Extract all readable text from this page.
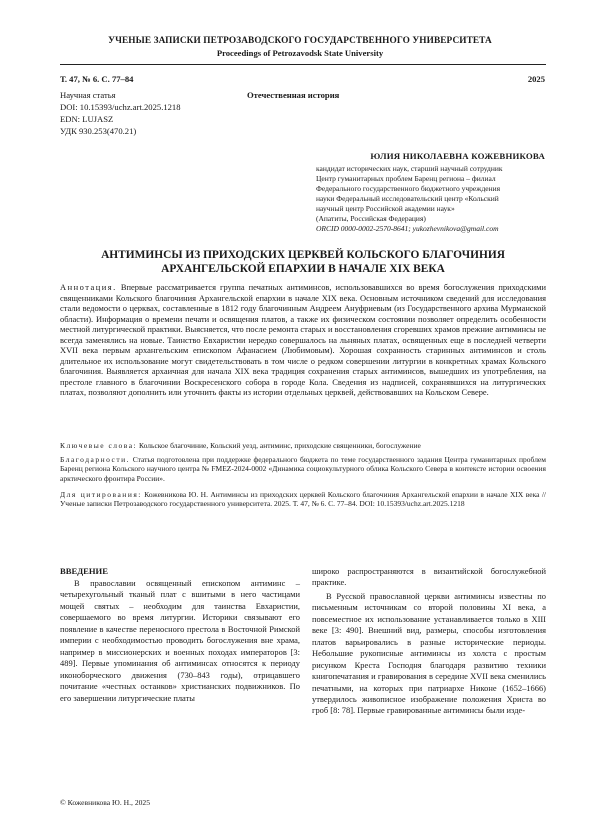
УЧЕНЫЕ ЗАПИСКИ ПЕТРОЗАВОДСКОГО ГОСУДАРСТВЕННОГО УНИВЕРСИТЕТА
Proceedings of Petrozavodsk State University
Т. 47, № 6. С. 77–84	2025
Научная статья	Отечественная история
DOI: 10.15393/uchz.art.2025.1218
EDN: LUJASZ
УДК 930.253(470.21)
ЮЛИЯ НИКОЛАЕВНА КОЖЕВНИКОВА
кандидат исторических наук, старший научный сотрудник
Центр гуманитарных проблем Баренц региона – филиал
Федерального государственного бюджетного учреждения
науки Федеральный исследовательский центр «Кольский
научный центр Российской академии наук»
(Апатиты, Российская Федерация)
ORCID 0000-0002-2570-8641; yukozhevnikova@gmail.com
АНТИМИНСЫ ИЗ ПРИХОДСКИХ ЦЕРКВЕЙ КОЛЬСКОГО БЛАГОЧИНИЯ
АРХАНГЕЛЬСКОЙ ЕПАРХИИ В НАЧАЛЕ XIX ВЕКА
Аннотация. Впервые рассматривается группа печатных антиминсов, использовавшихся во время богослужения приходскими священниками Кольского благочиния Архангельской епархии в начале XIX века. Основным источником сведений для исследования стали ведомости о церквах, составленные в 1812 году благочинным Андреем Ануфриевым (из Государственного архива Мурманской области). Информация о времени печати и освящения платов, а также их физическом состоянии позволяет определить особенности местной литургической практики. Выясняется, что после ремонта старых и восстановления сгоревших храмов прежние антиминсы не всегда заменялись на новые. Таинство Евхаристии нередко совершалось на льняных платах, освященных еще в последней четверти XVII века первым архангельским епископом Афанасием (Любимовым). Хорошая сохранность старинных антиминсов и столь длительное их использование могут свидетельствовать в том числе о редком совершении литургии в конкретных храмах Кольского благочиния. Выявляется архаичная для начала XIX века традиция сохранения старых антиминсов, вышедших из употребления, на престоле главного в благочинии Воскресенского собора в городе Кола. Сведения из надписей, сохранявшихся на литургических платах, позволяют дополнить или уточнить факты из истории отдельных церквей, действовавших на Кольском Севере.
Ключевые слова: Кольское благочиние, Кольский уезд, антиминс, приходские священники, богослужение
Благодарности. Статья подготовлена при поддержке федерального бюджета по теме государственного задания Центра гуманитарных проблем Баренц региона Кольского научного центра № FMEZ-2024-0002 «Динамика социокультурного облика Кольского Севера в контексте истории освоения арктического фронтира России».
Для цитирования: Кожевникова Ю. Н. Антиминсы из приходских церквей Кольского благочиния Архангельской епархии в начале XIX века // Ученые записки Петрозаводского государственного университета. 2025. Т. 47, № 6. С. 77–84. DOI: 10.15393/uchz.art.2025.1218
ВВЕДЕНИЕ

В православии освященный епископом антиминс – четырехугольный тканый плат с вшитыми в него частицами мощей святых – необходим для таинства Евхаристии, совершаемого во время литургии. Историки связывают его появление в качестве переносного престола в Восточной Римской империи с необходимостью проводить богослужения вне храма, например в миссионерских и военных походах императоров [3: 489]. Первые упоминания об антиминсах относятся к периоду иконоборческого движения (730–843 годы), отрицавшего почитание «честных останков» христианских подвижников. По его завершении литургические платы

широко распространяются в византийской богослужебной практике.

В Русской православной церкви антиминсы известны по письменным источникам со второй половины XI века, а повсеместное их использование устанавливается только в XIII веке [3: 490]. Внешний вид, размеры, способы изготовления платов варьировались в разные исторические периоды. Небольшие рукописные антиминсы из холста с простым рисунком Креста Господня благодаря развитию техники книгопечатания и гравирования в середине XVII века сменились печатными, на которых при патриархе Никоне (1652–1666) утвердилось живописное изображение положения Христа во гроб [8: 78]. Первые гравированные антиминсы были изде-

© Кожевникова Ю. Н., 2025
